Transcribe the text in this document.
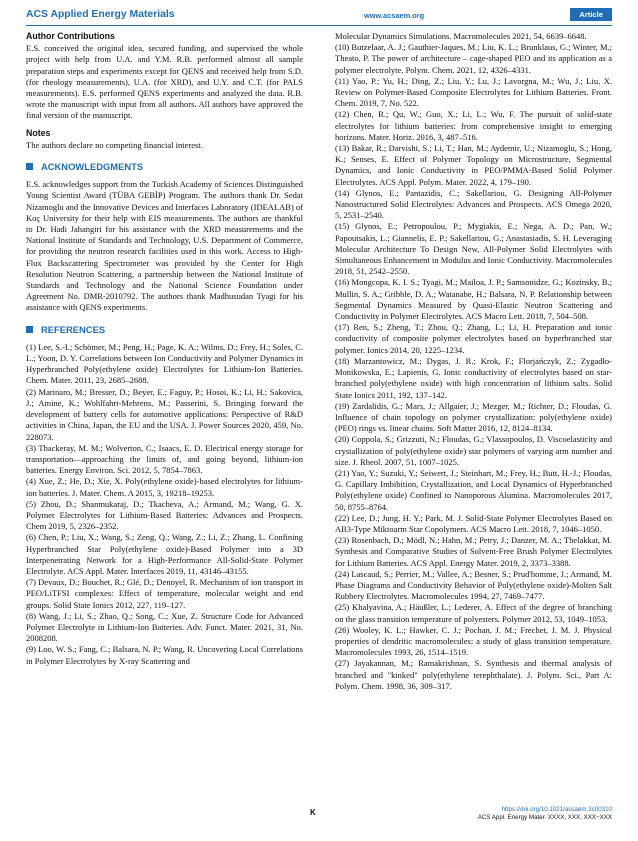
ACS Applied Energy Materials	www.acsaem.org	Article
Author Contributions

E.S. conceived the original idea, secured funding, and supervised the whole project with help from U.A. and Y.M. R.B. performed almost all sample preparation steps and experiments except for QENS and received help from S.D. (for rheology measurements), U.A. (for XRD), and U.Y. and C.T. (for PALS measurements). E.S. performed QENS experiments and analyzed the data. R.B. wrote the manuscript with input from all authors. All authors have approved the final version of the manuscript.

Notes

The authors declare no competing financial interest.

ACKNOWLEDGMENTS

E.S. acknowledges support from the Turkish Academy of Sciences Distinguished Young Scientist Award (TÜBA GEBİP) Program. The authors thank Dr. Sedat Nizamoglu and the Innovative Devices and Interfaces Laboratory (IDEALAB) of Koç University for their help with EIS measurements. The authors are thankful to Dr. Hadi Jahangiri for his assistance with the XRD measurements and the National Institute of Standards and Technology, U.S. Department of Commerce, for providing the neutron research facilities used in this work. Access to High-Flux Backscattering Spectrometer was provided by the Center for High Resolution Neutron Scattering, a partnership between the National Institute of Standards and Technology and the National Science Foundation under Agreement No. DMR-2010792. The authors thank Madhusudan Tyagi for his assistance with QENS experiments.

REFERENCES

(1) Lee, S.-I.; Schömer, M.; Peng, H.; Page, K. A.; Wilms, D.; Frey, H.; Soles, C. L.; Yoon, D. Y. Correlations between Ion Conductivity and Polymer Dynamics in Hyperbranched Poly(ethylene oxide) Electrolytes for Lithium-Ion Batteries. Chem. Mater. 2011, 23, 2685–2688.

(2) Marinaro, M.; Bresser, D.; Beyer, E.; Faguy, P.; Hosoi, K.; Li, H.; Sakovica, J.; Amine, K.; Wohlfahrt-Mehrens, M.; Passerini, S. Bringing forward the development of battery cells for automotive applications: Perspective of R&D activities in China, Japan, the EU and the USA. J. Power Sources 2020, 459, No. 228073.

(3) Thackeray, M. M.; Wolverton, C.; Isaacs, E. D. Electrical energy storage for transportation—approaching the limits of, and going beyond, lithium-ion batteries. Energy Environ. Sci. 2012, 5, 7854–7863.

(4) Xue, Z.; He, D.; Xie, X. Poly(ethylene oxide)-based electrolytes for lithium-ion batteries. J. Mater. Chem. A 2015, 3, 19218–19253.

(5) Zhou, D.; Shanmukaraj, D.; Tkacheva, A.; Armand, M.; Wang, G. X. Polymer Electrolytes for Lithium-Based Batteries: Advances and Prospects. Chem 2019, 5, 2326–2352.

(6) Chen, P.; Liu, X.; Wang, S.; Zeng, Q.; Wang, Z.; Li, Z.; Zhang, L. Confining Hyperbranched Star Poly(ethylene oxide)-Based Polymer into a 3D Interpenetrating Network for a High-Performance All-Solid-State Polymer Electrolyte. ACS Appl. Mater. Interfaces 2019, 11, 43146–43155.

(7) Devaux, D.; Bouchet, R.; Glé, D.; Denoyel, R. Mechanism of ion transport in PEO/LiTFSI complexes: Effect of temperature, molecular weight and end groups. Solid State Ionics 2012, 227, 119–127.

(8) Wang, J.; Li, S.; Zhao, Q.; Song, C.; Xue, Z. Structure Code for Advanced Polymer Electrolyte in Lithium-Ion Batteries. Adv. Funct. Mater. 2021, 31, No. 2008208.

(9) Loo, W. S.; Fang, C.; Balsara, N. P.; Wang, R. Uncovering Local Correlations in Polymer Electrolytes by X-ray Scattering and

Molecular Dynamics Simulations. Macromolecules 2021, 54, 6639–6648.

(10) Butzelaar, A. J.; Gauthier-Jaques, M.; Liu, K. L.; Brunklaus, G.; Winter, M.; Theato, P. The power of architecture – cage-shaped PEO and its application as a polymer electrolyte. Polym. Chem. 2021, 12, 4326–4331.

(11) Yao, P.; Yu, H.; Ding, Z.; Liu, Y.; Lu, J.; Lavorgna, M.; Wu, J.; Liu, X. Review on Polymer-Based Composite Electrolytes for Lithium Batteries. Front. Chem. 2019, 7, No. 522.

(12) Chen, R.; Qu, W.; Guo, X.; Li, L.; Wu, F. The pursuit of solid-state electrolytes for lithium batteries: from comprehensive insight to emerging horizons. Mater. Horiz. 2016, 3, 487–516.

(13) Bakar, R.; Darvishi, S.; Li, T.; Han, M.; Aydemir, U.; Nizamoglu, S.; Hong, K.; Senses, E. Effect of Polymer Topology on Microstructure, Segmental Dynamics, and Ionic Conductivity in PEO/PMMA-Based Solid Polymer Electrolytes. ACS Appl. Polym. Mater. 2022, 4, 179–190.

(14) Glynos, E.; Pantazidis, C.; Sakellariou, G. Designing All-Polymer Nanostructured Solid Electrolytes: Advances and Prospects. ACS Omega 2020, 5, 2531–2540.

(15) Glynos, E.; Petropoulou, P.; Mygiakis, E.; Nega, A. D.; Pan, W.; Papoutsakis, L.; Giannelis, E. P.; Sakellariou, G.; Anastasiadis, S. H. Leveraging Molecular Architecture To Design New, All-Polymer Solid Electrolytes with Simultaneous Enhancement in Modulus and Ionic Conductivity. Macromolecules 2018, 51, 2542–2550.

(16) Mongcopa, K. I. S.; Tyagi, M.; Mailoa, J. P.; Samsonidze, G.; Kozinsky, B.; Mullin, S. A.; Gribble, D. A.; Watanabe, H.; Balsara, N. P. Relationship between Segmental Dynamics Measured by Quasi-Elastic Neutron Scattering and Conductivity in Polymer Electrolytes. ACS Macro Lett. 2018, 7, 504–508.

(17) Ren, S.; Zheng, T.; Zhou, Q.; Zhang, L.; Li, H. Preparation and ionic conductivity of composite polymer electrolytes based on hyperbranched star polymer. Ionics 2014, 20, 1225–1234.

(18) Marzantowicz, M.; Dygas, J. R.; Krok, F.; Florjańczyk, Z.; Zygadło-Monikowska, E.; Lapienis, G. Ionic conductivity of electrolytes based on star-branched poly(ethylene oxide) with high concentration of lithium salts. Solid State Ionics 2011, 192, 137–142.

(19) Zardalidis, G.; Mars, J.; Allgaier, J.; Mezger, M.; Richter, D.; Floudas, G. Influence of chain topology on polymer crystallization: poly(ethylene oxide) (PEO) rings vs. linear chains. Soft Matter 2016, 12, 8124–8134.

(20) Coppola, S.; Grizzuti, N.; Floudas, G.; Vlassopoulos, D. Viscoelasticity and crystallization of poly(ethylene oxide) star polymers of varying arm number and size. J. Rheol. 2007, 51, 1007–1025.

(21) Yao, Y.; Suzuki, Y.; Seiwert, J.; Steinhart, M.; Frey, H.; Butt, H.-J.; Floudas, G. Capillary Imbibition, Crystallization, and Local Dynamics of Hyperbranched Poly(ethylene oxide) Confined to Nanoporous Alumina. Macromolecules 2017, 50, 8755–8764.

(22) Lee, D.; Jung, H. Y.; Park, M. J. Solid-State Polymer Electrolytes Based on AB3-Type Miktoarm Star Copolymers. ACS Macro Lett. 2018, 7, 1046–1050.

(23) Rosenbach, D.; Mödl, N.; Hahn, M.; Petry, J.; Danzer, M. A.; Thelakkat, M. Synthesis and Comparative Studies of Solvent-Free Brush Polymer Electrolytes for Lithium Batteries. ACS Appl. Energy Mater. 2019, 2, 3373–3388.

(24) Lascaud, S.; Perrier, M.; Vallee, A.; Besner, S.; Prud'homme, J.; Armand, M. Phase Diagrams and Conductivity Behavior of Poly(ethylene oxide)-Molten Salt Rubbery Electrolytes. Macromolecules 1994, 27, 7469–7477.

(25) Khalyavina, A.; Häußler, L.; Lederer, A. Effect of the degree of branching on the glass transition temperature of polyesters. Polymer 2012, 53, 1049–1053.

(26) Wooley, K. L.; Hawker, C. J.; Pochan, J. M.; Frechet, J. M. J. Physical properties of dendritic macromolecules: a study of glass transition temperature. Macromolecules 1993, 26, 1514–1519.

(27) Jayakannan, M.; Ramakrishnan, S. Synthesis and thermal analysis of branched and "kinked" poly(ethylene terephthalate). J. Polym. Sci., Part A: Polym. Chem. 1998, 36, 309–317.

K	https://doi.org/10.1021/acsaem.3c00310
ACS Appl. Energy Mater. XXXX, XXX, XXX−XXX
